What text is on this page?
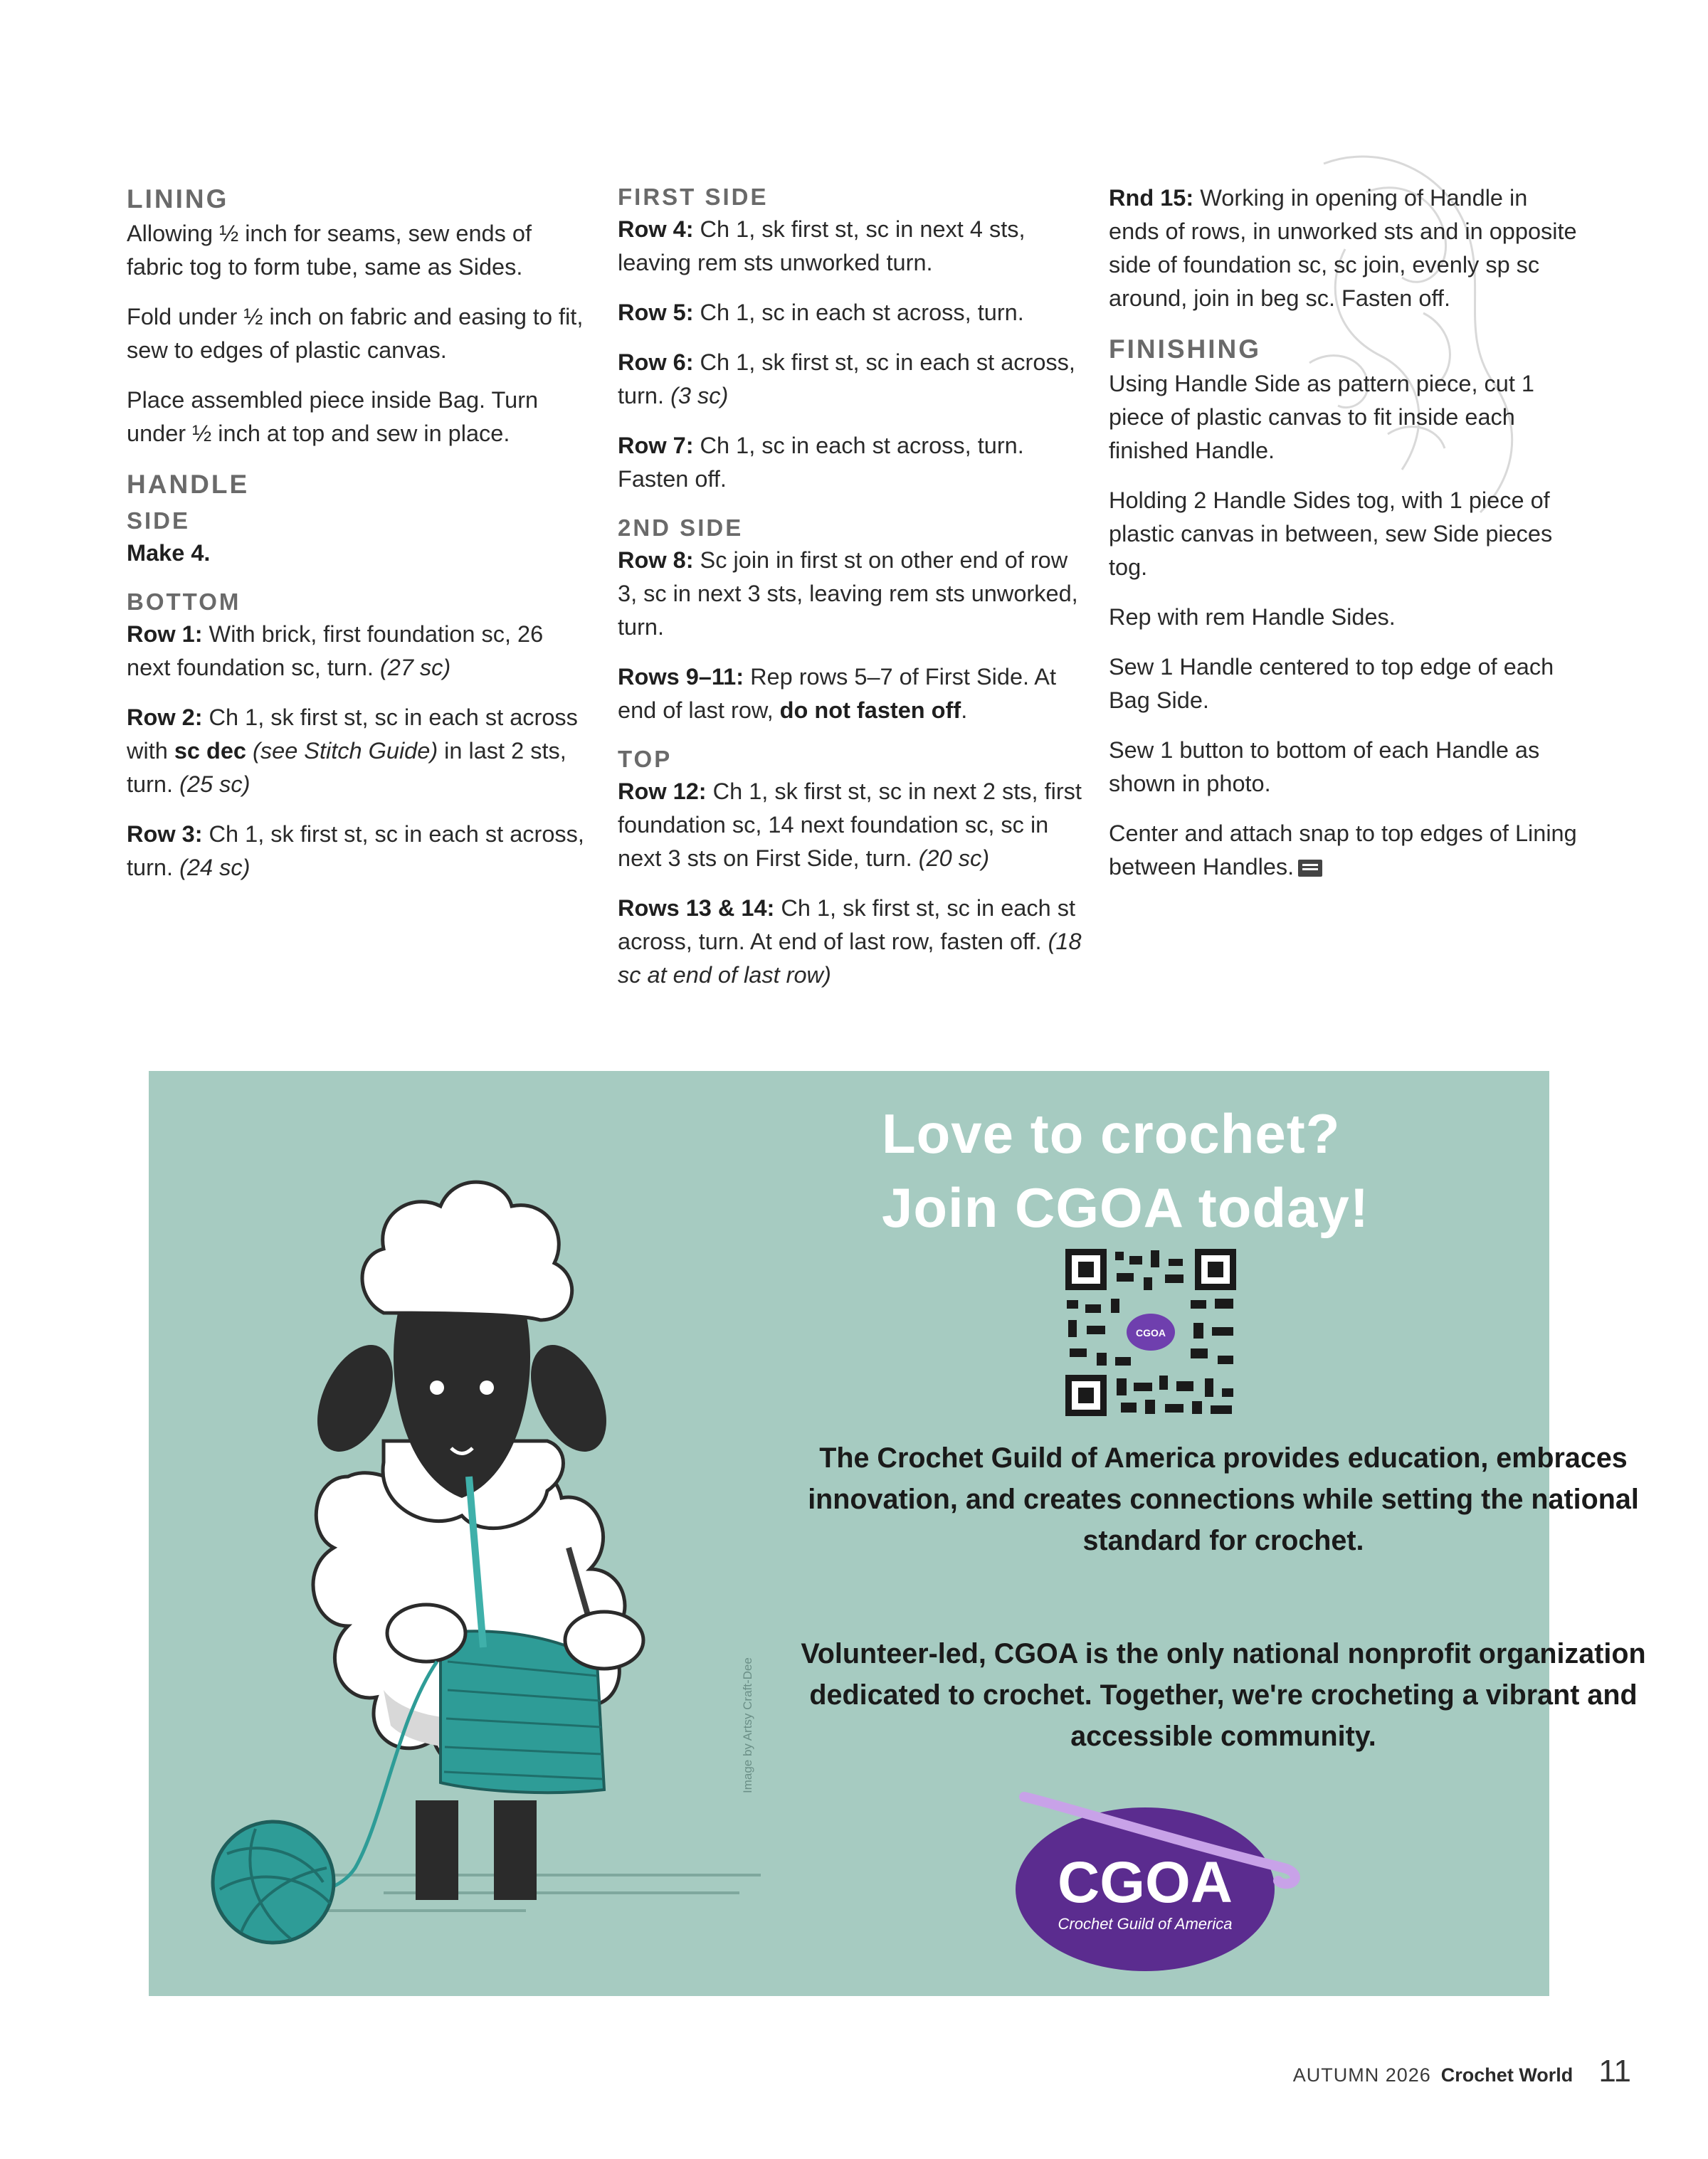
LINING

Allowing ½ inch for seams, sew ends of fabric tog to form tube, same as Sides.

Fold under ½ inch on fabric and easing to fit, sew to edges of plastic canvas.

Place assembled piece inside Bag. Turn under ½ inch at top and sew in place.

HANDLE
SIDE

Make 4.

BOTTOM

Row 1: With brick, first foundation sc, 26 next foundation sc, turn. (27 sc)

Row 2: Ch 1, sk first st, sc in each st across with sc dec (see Stitch Guide) in last 2 sts, turn. (25 sc)

Row 3: Ch 1, sk first st, sc in each st across, turn. (24 sc)

FIRST SIDE

Row 4: Ch 1, sk first st, sc in next 4 sts, leaving rem sts unworked turn.

Row 5: Ch 1, sc in each st across, turn.

Row 6: Ch 1, sk first st, sc in each st across, turn. (3 sc)

Row 7: Ch 1, sc in each st across, turn. Fasten off.

2ND SIDE

Row 8: Sc join in first st on other end of row 3, sc in next 3 sts, leaving rem sts unworked, turn.

Rows 9–11: Rep rows 5–7 of First Side. At end of last row, do not fasten off.

TOP

Row 12: Ch 1, sk first st, sc in next 2 sts, first foundation sc, 14 next foundation sc, sc in next 3 sts on First Side, turn. (20 sc)

Rows 13 & 14: Ch 1, sk first st, sc in each st across, turn. At end of last row, fasten off. (18 sc at end of last row)

Rnd 15: Working in opening of Handle in ends of rows, in unworked sts and in opposite side of foundation sc, sc join, evenly sp sc around, join in beg sc. Fasten off.

FINISHING

Using Handle Side as pattern piece, cut 1 piece of plastic canvas to fit inside each finished Handle.

Holding 2 Handle Sides tog, with 1 piece of plastic canvas in between, sew Side pieces tog.

Rep with rem Handle Sides.

Sew 1 Handle centered to top edge of each Bag Side.

Sew 1 button to bottom of each Handle as shown in photo.

Center and attach snap to top edges of Lining between Handles.

Image by Artsy Craft-Dee
Love to crochet?
Join CGOA today!
CGOA
The Crochet Guild of America provides education, embraces innovation, and creates connections while setting the national standard for crochet.
Volunteer-led, CGOA is the only national nonprofit organization dedicated to crochet. Together, we're crocheting a vibrant and accessible community.
CGOA
Crochet Guild of America
AUTUMN 2026 Crochet World 11
